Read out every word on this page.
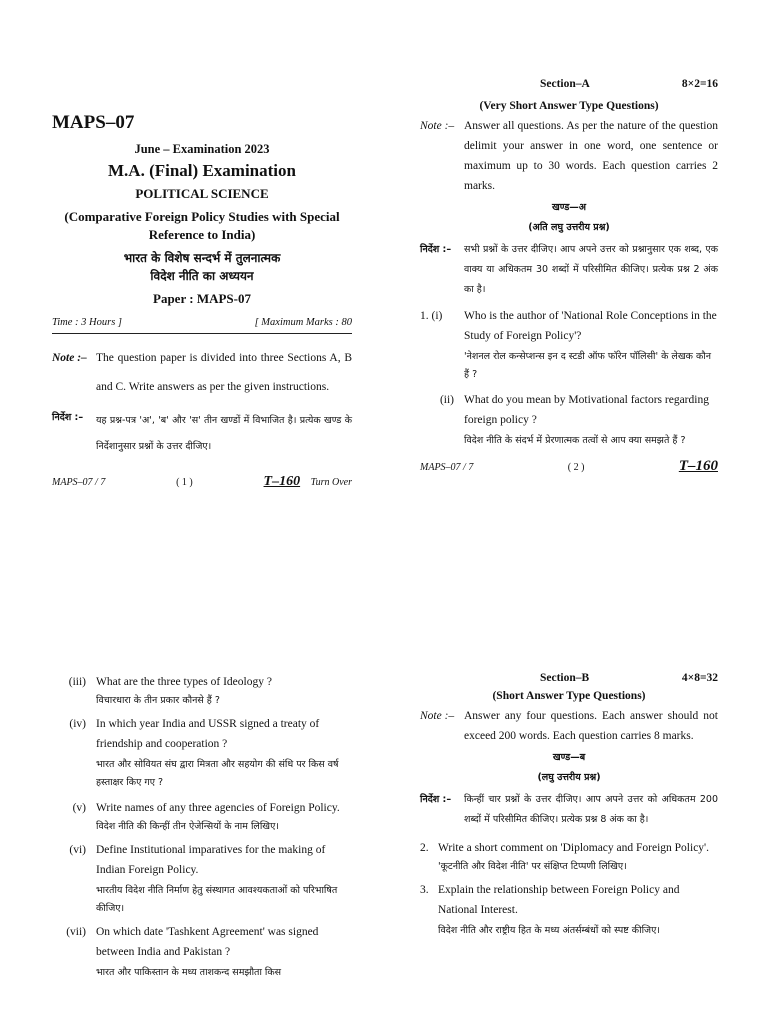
MAPS–07
June – Examination 2023
M.A. (Final) Examination
POLITICAL SCIENCE
(Comparative Foreign Policy Studies with Special Reference to India)
भारत के विशेष सन्दर्भ में तुलनात्मक
विदेश नीति का अध्ययन
Paper : MAPS-07
Time : 3 Hours ]	[ Maximum Marks : 80
Note :– The question paper is divided into three Sections A, B and C. Write answers as per the given instructions.
निर्देश :–	यह प्रश्न-पत्र 'अ', 'ब' और 'स' तीन खण्डों में विभाजित है। प्रत्येक खण्ड के निर्देशानुसार प्रश्नों के उत्तर दीजिए।
MAPS–07 / 7	( 1 )	T–160 Turn Over
Section–A	8×2=16
(Very Short Answer Type Questions)
Note :– Answer all questions. As per the nature of the question delimit your answer in one word, one sentence or maximum up to 30 words. Each question carries 2 marks.
खण्ड—अ
(अति लघु उत्तरीय प्रश्न)
निर्देश :–	सभी प्रश्नों के उत्तर दीजिए। आप अपने उत्तर को प्रश्नानुसार एक शब्द, एक वाक्य या अधिकतम 30 शब्दों में परिसीमित कीजिए। प्रत्येक प्रश्न 2 अंक का है।
1. (i)	Who is the author of 'National Role Conceptions in the Study of Foreign Policy'?
'नेशनल रोल कन्सेप्शन्स इन द स्टडी ऑफ फॉरेन पॉलिसी' के लेखक कौन हैं ?
(ii) What do you mean by Motivational factors regarding foreign policy ?
विदेश नीति के संदर्भ में प्रेरणात्मक तत्वों से आप क्या समझते हैं ?
MAPS–07 / 7	( 2 )	T–160
(iii) What are the three types of Ideology ?
विचारधारा के तीन प्रकार कौनसे हैं ?
(iv) In which year India and USSR signed a treaty of friendship and cooperation ?
भारत और सोवियत संघ द्वारा मित्रता और सहयोग की संधि पर किस वर्ष हस्ताक्षर किए गए ?
(v) Write names of any three agencies of Foreign Policy.
विदेश नीति की किन्हीं तीन ऐजेन्सियों के नाम लिखिए।
(vi) Define Institutional imparatives for the making of Indian Foreign Policy.
भारतीय विदेश नीति निर्माण हेतु संस्थागत आवश्यकताओं को परिभाषित कीजिए।
(vii) On which date 'Tashkent Agreement' was signed between India and Pakistan ?
भारत और पाकिस्तान के मध्य ताशकन्द समझौता किस
Section–B	4×8=32
(Short Answer Type Questions)
Note :– Answer any four questions. Each answer should not exceed 200 words. Each question carries 8 marks.
खण्ड—ब
(लघु उत्तरीय प्रश्न)
निर्देश :–	किन्हीं चार प्रश्नों के उत्तर दीजिए। आप अपने उत्तर को अधिकतम 200 शब्दों में परिसीमित कीजिए। प्रत्येक प्रश्न 8 अंक का है।
2. Write a short comment on 'Diplomacy and Foreign Policy'.
'कूटनीति और विदेश नीति' पर संक्षिप्त टिप्पणी लिखिए।
3. Explain the relationship between Foreign Policy and National Interest.
विदेश नीति और राष्ट्रीय हित के मध्य अंतर्सम्बंधों को स्पष्ट कीजिए।
